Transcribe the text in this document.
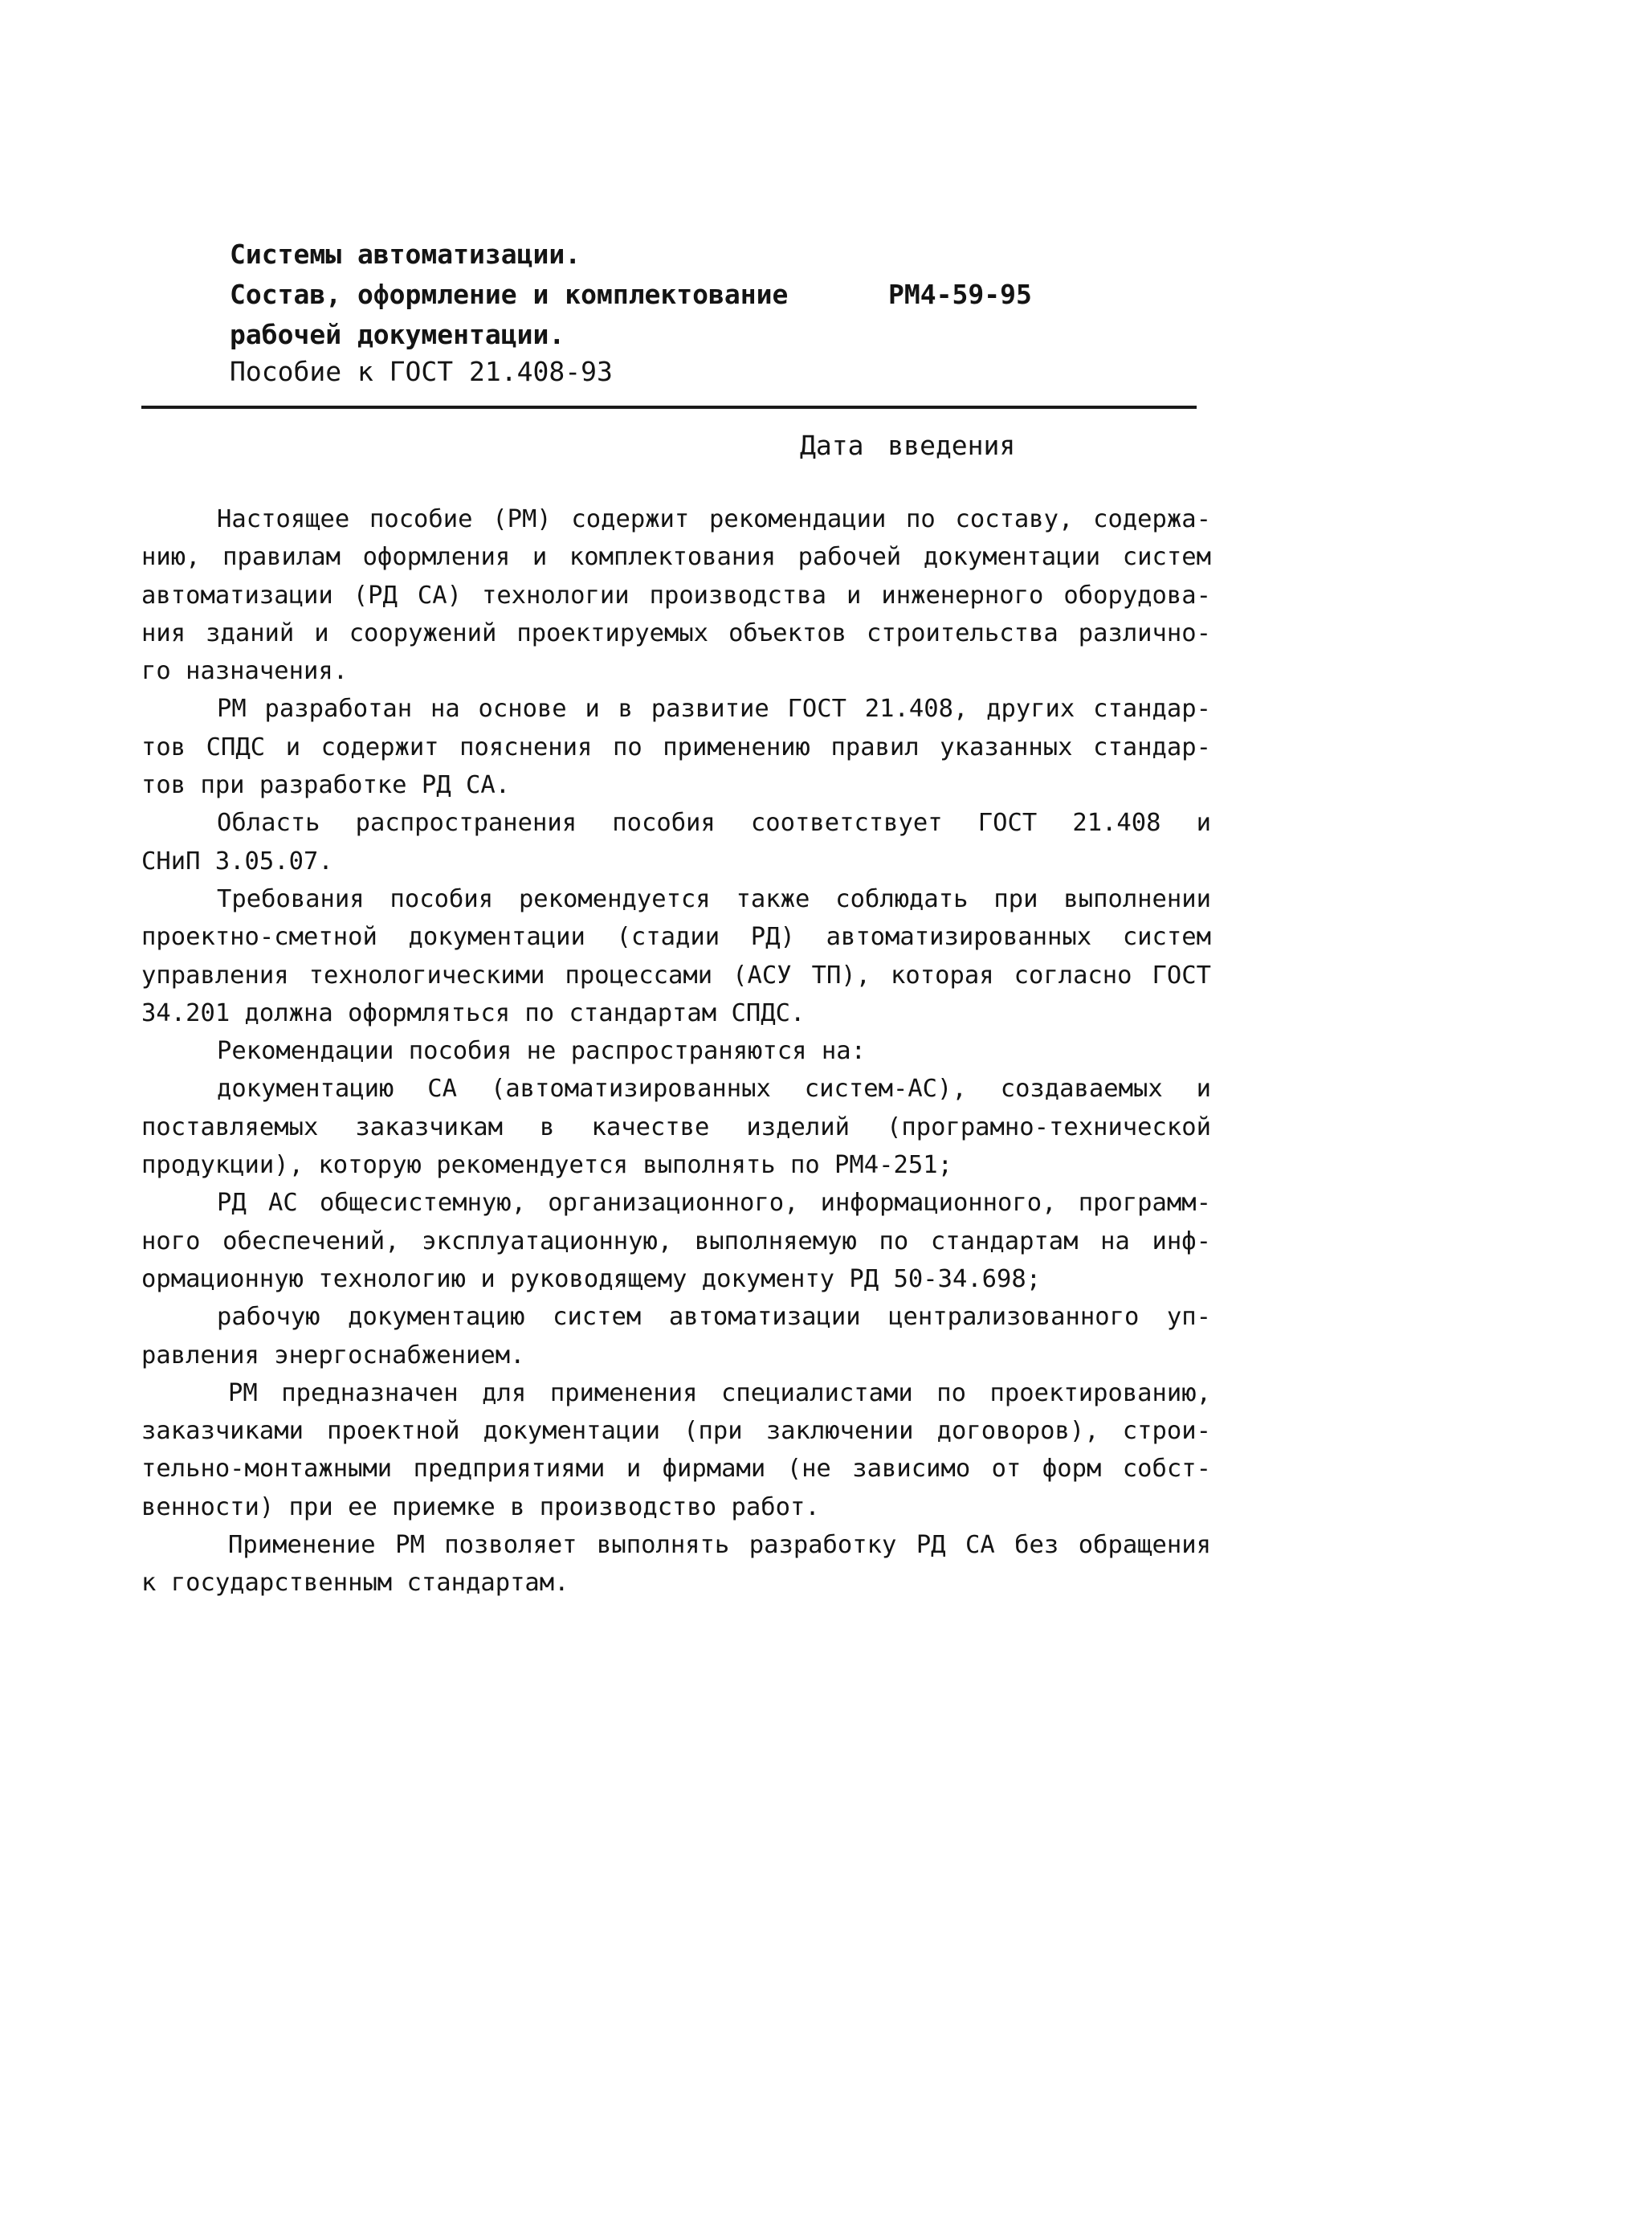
Системы автоматизации.
Состав, оформление и комплектование
рабочей документации.
Пособие к ГОСТ 21.408-93
РМ4-59-95
Дата введения
Настоящее пособие (РМ) содержит рекомендации по составу, содержа-
нию, правилам оформления и комплектования рабочей документации систем
автоматизации (РД СА) технологии производства и инженерного оборудова-
ния зданий и сооружений проектируемых объектов строительства различно-
го назначения.
РМ разработан на основе и в развитие ГОСТ 21.408, других стандар-
тов СПДС и содержит пояснения по применению правил указанных стандар-
тов при разработке РД СА.
Область распространения пособия соответствует ГОСТ 21.408 и
СНиП 3.05.07.
Требования пособия рекомендуется также соблюдать при выполнении
проектно-сметной документации (стадии РД) автоматизированных систем
управления технологическими процессами (АСУ ТП), которая согласно ГОСТ
34.201 должна оформляться по стандартам СПДС.
Рекомендации пособия не распространяются на:
документацию СА (автоматизированных систем-АС), создаваемых и
поставляемых заказчикам в качестве изделий (програмно-технической
продукции), которую рекомендуется выполнять по РМ4-251;
РД АС общесистемную, организационного, информационного, программ-
ного обеспечений, эксплуатационную, выполняемую по стандартам на инф-
ормационную технологию и руководящему документу РД 50-34.698;
рабочую документацию систем автоматизации централизованного уп-
равления энергоснабжением.
РМ предназначен для применения специалистами по проектированию,
заказчиками проектной документации (при заключении договоров), строи-
тельно-монтажными предприятиями и фирмами (не зависимо от форм собст-
венности) при ее приемке в производство работ.
Применение РМ позволяет выполнять разработку РД СА без обращения
к государственным стандартам.
